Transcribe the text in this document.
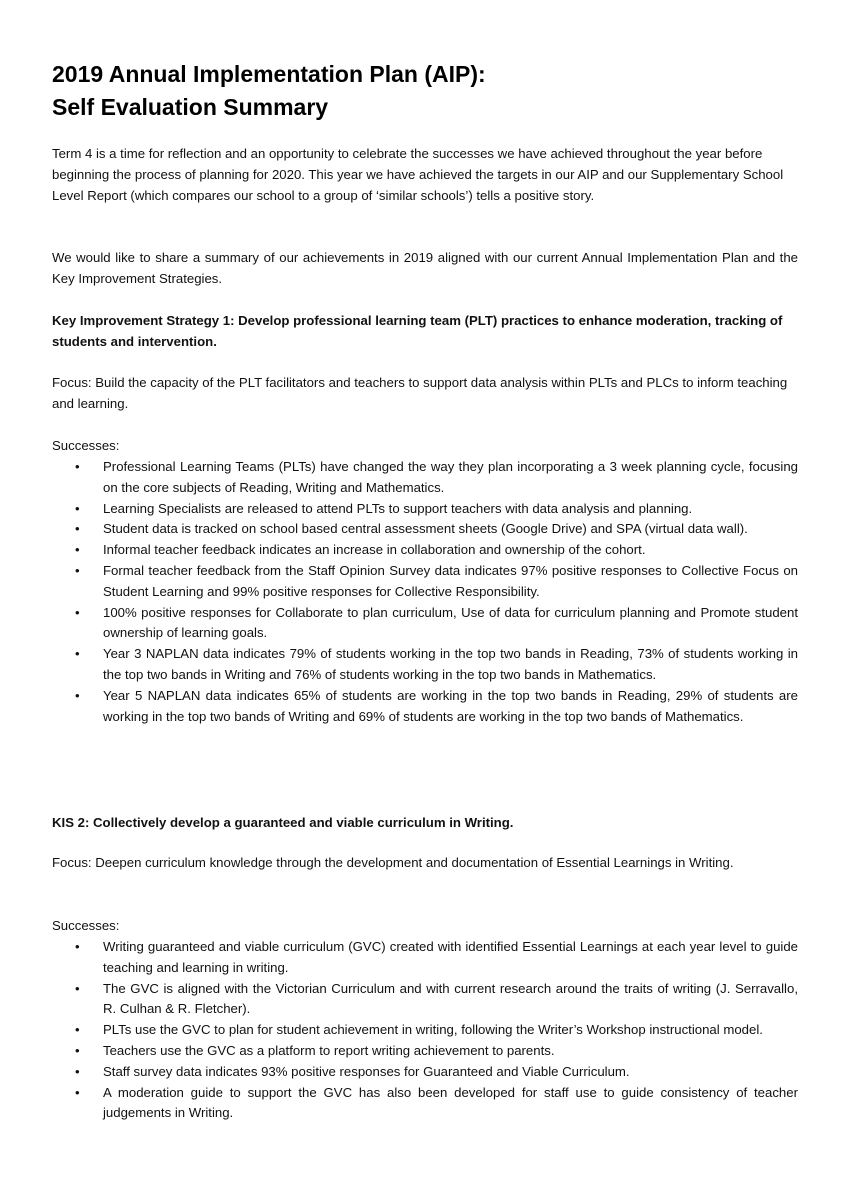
2019 Annual Implementation Plan (AIP):
Self Evaluation Summary

Term 4 is a time for reflection and an opportunity to celebrate the successes we have achieved throughout the year before beginning the process of planning for 2020. This year we have achieved the targets in our AIP and our Supplementary School Level Report (which compares our school to a group of ‘similar schools’) tells a positive story.

We would like to share a summary of our achievements in 2019 aligned with our current Annual Implementation Plan and the Key Improvement Strategies.

Key Improvement Strategy 1: Develop professional learning team (PLT) practices to enhance moderation, tracking of students and intervention.

Focus: Build the capacity of the PLT facilitators and teachers to support data analysis within PLTs and PLCs to inform teaching and learning.

Successes:

• Professional Learning Teams (PLTs) have changed the way they plan incorporating a 3 week planning cycle, focusing on the core subjects of Reading, Writing and Mathematics.
• Learning Specialists are released to attend PLTs to support teachers with data analysis and planning.
• Student data is tracked on school based central assessment sheets (Google Drive) and SPA (virtual data wall).
• Informal teacher feedback indicates an increase in collaboration and ownership of the cohort.
• Formal teacher feedback from the Staff Opinion Survey data indicates 97% positive responses to Collective Focus on Student Learning and 99% positive responses for Collective Responsibility.
• 100% positive responses for Collaborate to plan curriculum, Use of data for curriculum planning and Promote student ownership of learning goals.
• Year 3 NAPLAN data indicates 79% of students working in the top two bands in Reading, 73% of students working in the top two bands in Writing and 76% of students working in the top two bands in Mathematics.
• Year 5 NAPLAN data indicates 65% of students are working in the top two bands in Reading, 29% of students are working in the top two bands of Writing and 69% of students are working in the top two bands of Mathematics.

KIS 2: Collectively develop a guaranteed and viable curriculum in Writing.

Focus: Deepen curriculum knowledge through the development and documentation of Essential Learnings in Writing.

Successes:

• Writing guaranteed and viable curriculum (GVC) created with identified Essential Learnings at each year level to guide teaching and learning in writing.
• The GVC is aligned with the Victorian Curriculum and with current research around the traits of writing (J. Serravallo, R. Culhan & R. Fletcher).
• PLTs use the GVC to plan for student achievement in writing, following the Writer’s Workshop instructional model.
• Teachers use the GVC as a platform to report writing achievement to parents.
• Staff survey data indicates 93% positive responses for Guaranteed and Viable Curriculum.
• A moderation guide to support the GVC has also been developed for staff use to guide consistency of teacher judgements in Writing.
